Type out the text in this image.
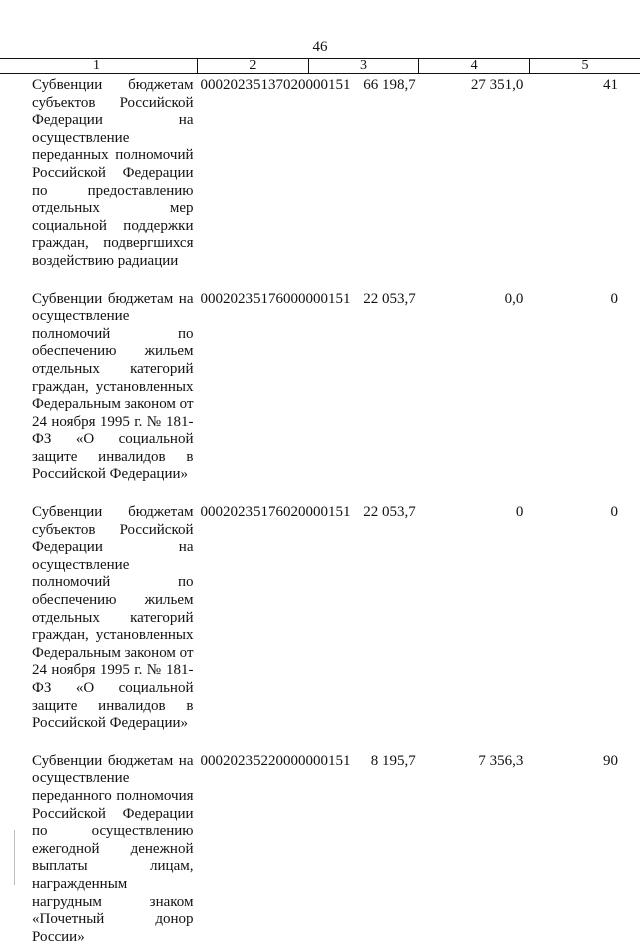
46
1	2	3	4	5

Субвенции бюджетам субъектов Российской Федерации на осуществление переданных полномочий Российской Федерации по предоставлению отдельных мер социальной поддержки граждан, подвергшихся воздействию радиации	00020235137020000151	66 198,7	27 351,0	41

Субвенции бюджетам на осуществление полномочий по обеспечению жильем отдельных категорий граждан, установленных Федеральным законом от 24 ноября 1995 г. № 181-ФЗ «О социальной защите инвалидов в Российской Федерации»	00020235176000000151	22 053,7	0,0	0

Субвенции бюджетам субъектов Российской Федерации на осуществление полномочий по обеспечению жильем отдельных категорий граждан, установленных Федеральным законом от 24 ноября 1995 г. № 181-ФЗ «О социальной защите инвалидов в Российской Федерации»	00020235176020000151	22 053,7	0	0

Субвенции бюджетам на осуществление переданного полномочия Российской Федерации по осуществлению ежегодной денежной выплаты лицам, награжденным нагрудным знаком «Почетный донор России»	00020235220000000151	8 195,7	7 356,3	90
